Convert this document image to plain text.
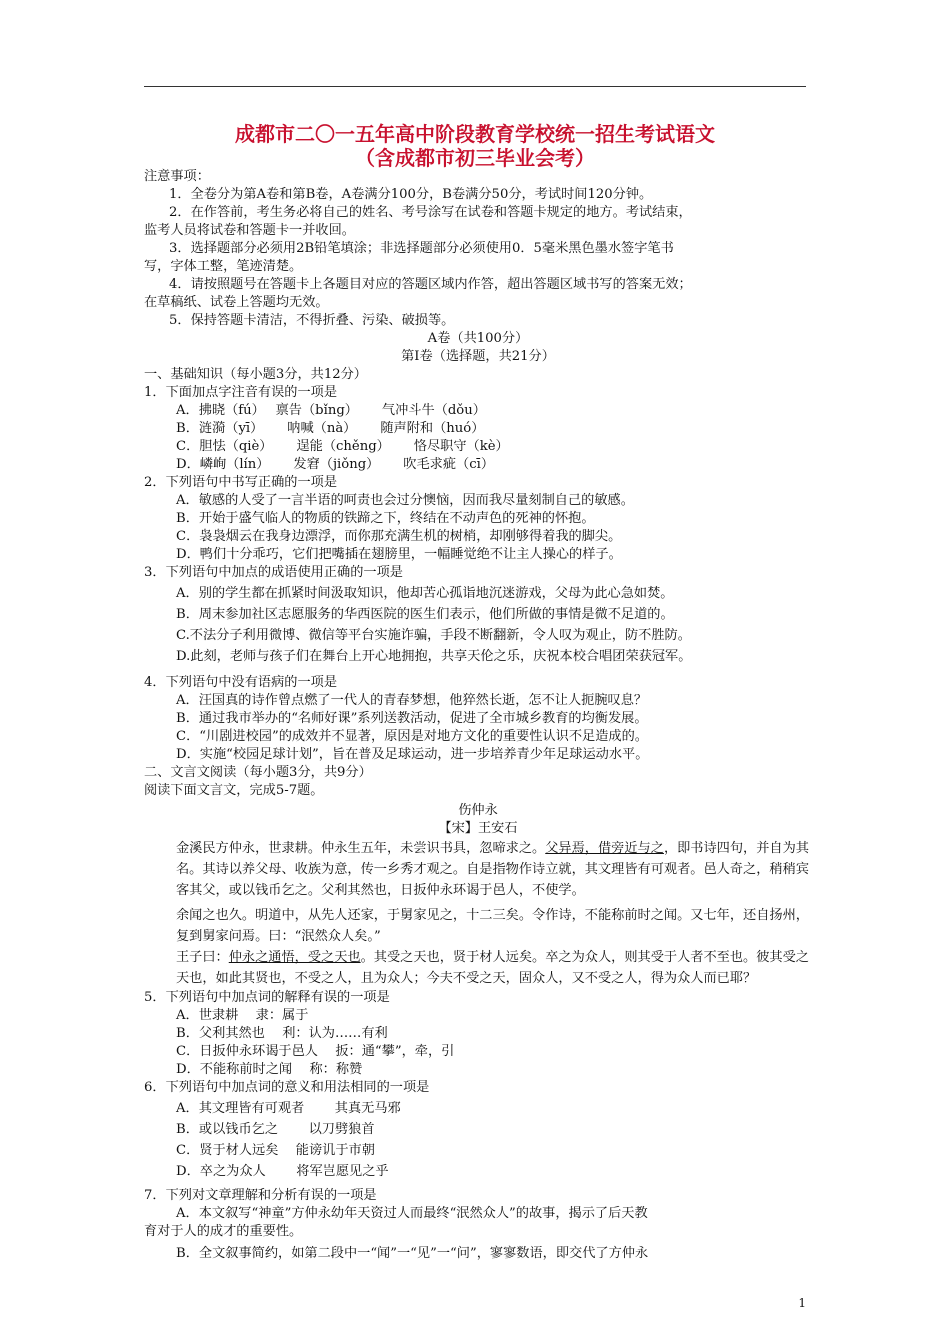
成都市二〇一五年高中阶段教育学校统一招生考试语文
（含成都市初三毕业会考）
注意事项：
1．全卷分为第A卷和第B卷，A卷满分100分，B卷满分50分，考试时间120分钟。
2．在作答前，考生务必将自己的姓名、考号涂写在试卷和答题卡规定的地方。考试结束，
监考人员将试卷和答题卡一并收回。
3．选择题部分必须用2B铅笔填涂；非选择题部分必须使用0．5毫米黑色墨水签字笔书
写，字体工整，笔迹清楚。
4．请按照题号在答题卡上各题目对应的答题区域内作答，超出答题区域书写的答案无效；
在草稿纸、试卷上答题均无效。
5．保持答题卡清洁，不得折叠、污染、破损等。
A卷（共100分）
第Ⅰ卷（选择题，共21分）
一、基础知识（每小题3分，共12分）
1．下面加点字注音有误的一项是
A．拂晓（fú）　 禀告（bǐng）　　 气冲斗牛（dǒu）
B．涟漪（yī）　　 呐喊（nà）　　 随声附和（huó）
C．胆怯（qiè）　　 逞能（chěng）　　 恪尽职守（kè）
D．嶙峋（lín）　　 发窘（jiǒng）　　 吹毛求疵（cī）
2．下列语句中书写正确的一项是
A．敏感的人受了一言半语的呵责也会过分懊恼，因而我尽量刻制自己的敏感。
B．开始于盛气临人的物质的铁蹄之下，终结在不动声色的死神的怀抱。
C．袅袅烟云在我身边漂浮，而你那充满生机的树梢，却刚够得着我的脚尖。
D．鸭们十分乖巧，它们把嘴插在翅膀里，一幅睡觉绝不让主人操心的样子。
3．下列语句中加点的成语使用正确的一项是
A．别的学生都在抓紧时间汲取知识，他却苦心孤诣地沉迷游戏，父母为此心急如焚。
B．周末参加社区志愿服务的华西医院的医生们表示，他们所做的事情是微不足道的。
C.不法分子利用微博、微信等平台实施诈骗，手段不断翻新，令人叹为观止，防不胜防。
D.此刻，老师与孩子们在舞台上开心地拥抱，共享天伦之乐，庆祝本校合唱团荣获冠军。
4．下列语句中没有语病的一项是
A．汪国真的诗作曾点燃了一代人的青春梦想，他猝然长逝，怎不让人扼腕叹息？
B．通过我市举办的“名师好课”系列送教活动，促进了全市城乡教育的均衡发展。
C．“川剧进校园”的成效并不显著，原因是对地方文化的重要性认识不足造成的。
D．实施“校园足球计划”，旨在普及足球运动，进一步培养青少年足球运动水平。
二、文言文阅读（每小题3分，共9分）
阅读下面文言文，完成5-7题。
伤仲永
【宋】王安石
金溪民方仲永，世隶耕。仲永生五年，未尝识书具，忽啼求之。父异焉，借旁近与之，即书诗四句，并自为其名。其诗以养父母、收族为意，传一乡秀才观之。自是指物作诗立就，其文理皆有可观者。邑人奇之，稍稍宾客其父，或以钱币乞之。父利其然也，日扳仲永环谒于邑人，不使学。
余闻之也久。明道中，从先人还家，于舅家见之，十二三矣。令作诗，不能称前时之闻。又七年，还自扬州，复到舅家问焉。曰：“泯然众人矣。”
王子曰：仲永之通悟，受之天也。其受之天也，贤于材人远矣。卒之为众人，则其受于人者不至也。彼其受之天也，如此其贤也，不受之人，且为众人；今夫不受之天，固众人，又不受之人，得为众人而已耶？
5．下列语句中加点词的解释有误的一项是
A．世隶耕　 隶：属于
B．父利其然也　 利：认为……有利
C．日扳仲永环谒于邑人　 扳：通“攀”，牵，引
D．不能称前时之闻　 称：称赞
6．下列语句中加点词的意义和用法相同的一项是
A．其文理皆有可观者　　 其真无马邪
B．或以钱币乞之　　 以刀劈狼首
C．贤于材人远矣　 能谤讥于市朝
D．卒之为众人　　 将军岂愿见之乎
7．下列对文章理解和分析有误的一项是
A．本文叙写“神童”方仲永幼年天资过人而最终“泯然众人”的故事，揭示了后天教
育对于人的成才的重要性。
B．全文叙事简约，如第二段中一“闻”一“见”一“问”，寥寥数语，即交代了方仲永
1
